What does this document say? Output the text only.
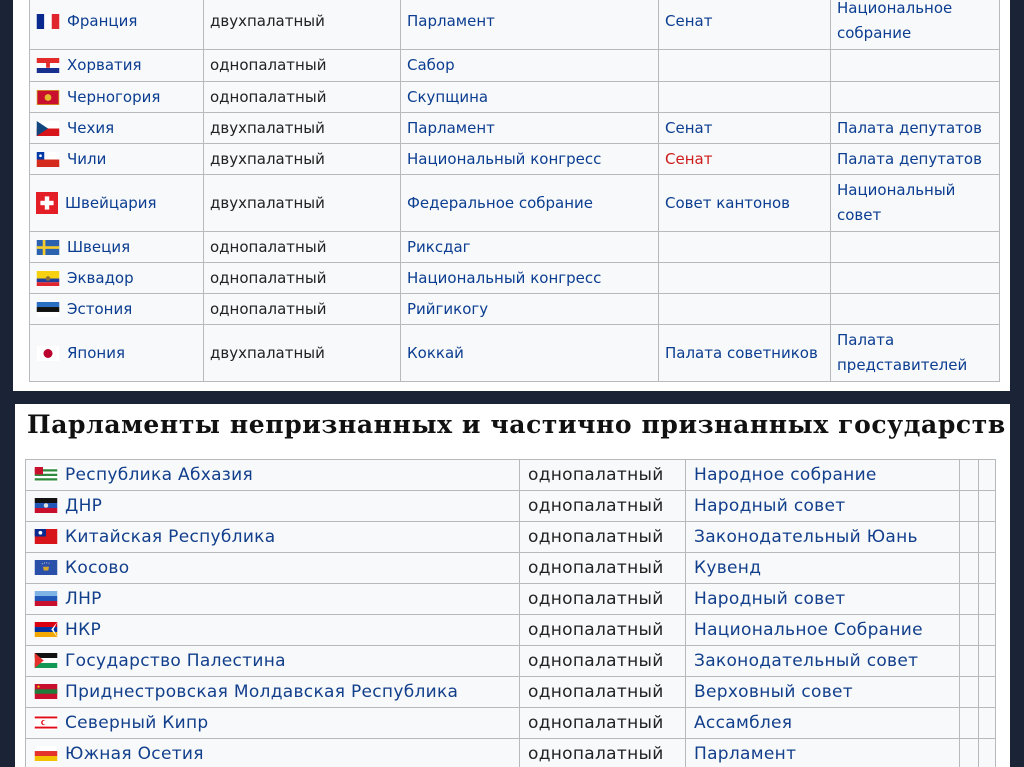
Франция	двухпалатный	Парламент	Сенат	Национальное собрание
Хорватия	однопалатный	Сабор		
Черногория	однопалатный	Скупщина		
Чехия	двухпалатный	Парламент	Сенат	Палата депутатов
Чили	двухпалатный	Национальный конгресс	Сенат	Палата депутатов
Швейцария	двухпалатный	Федеральное собрание	Совет кантонов	Национальный совет
Швеция	однопалатный	Риксдаг		
Эквадор	однопалатный	Национальный конгресс		
Эстония	однопалатный	Рийгикогу		
Япония	двухпалатный	Коккай	Палата советников	Палата представителей
Парламенты непризнанных и частично признанных государств
Республика Абхазия	однопалатный	Народное собрание		
ДНР	однопалатный	Народный совет		
Китайская Республика	однопалатный	Законодательный Юань		
Косово	однопалатный	Кувенд		
ЛНР	однопалатный	Народный совет		
НКР	однопалатный	Национальное Собрание		
Государство Палестина	однопалатный	Законодательный совет		
Приднестровская Молдавская Республика	однопалатный	Верховный совет		
Северный Кипр	однопалатный	Ассамблея		
Южная Осетия	однопалатный	Парламент		
